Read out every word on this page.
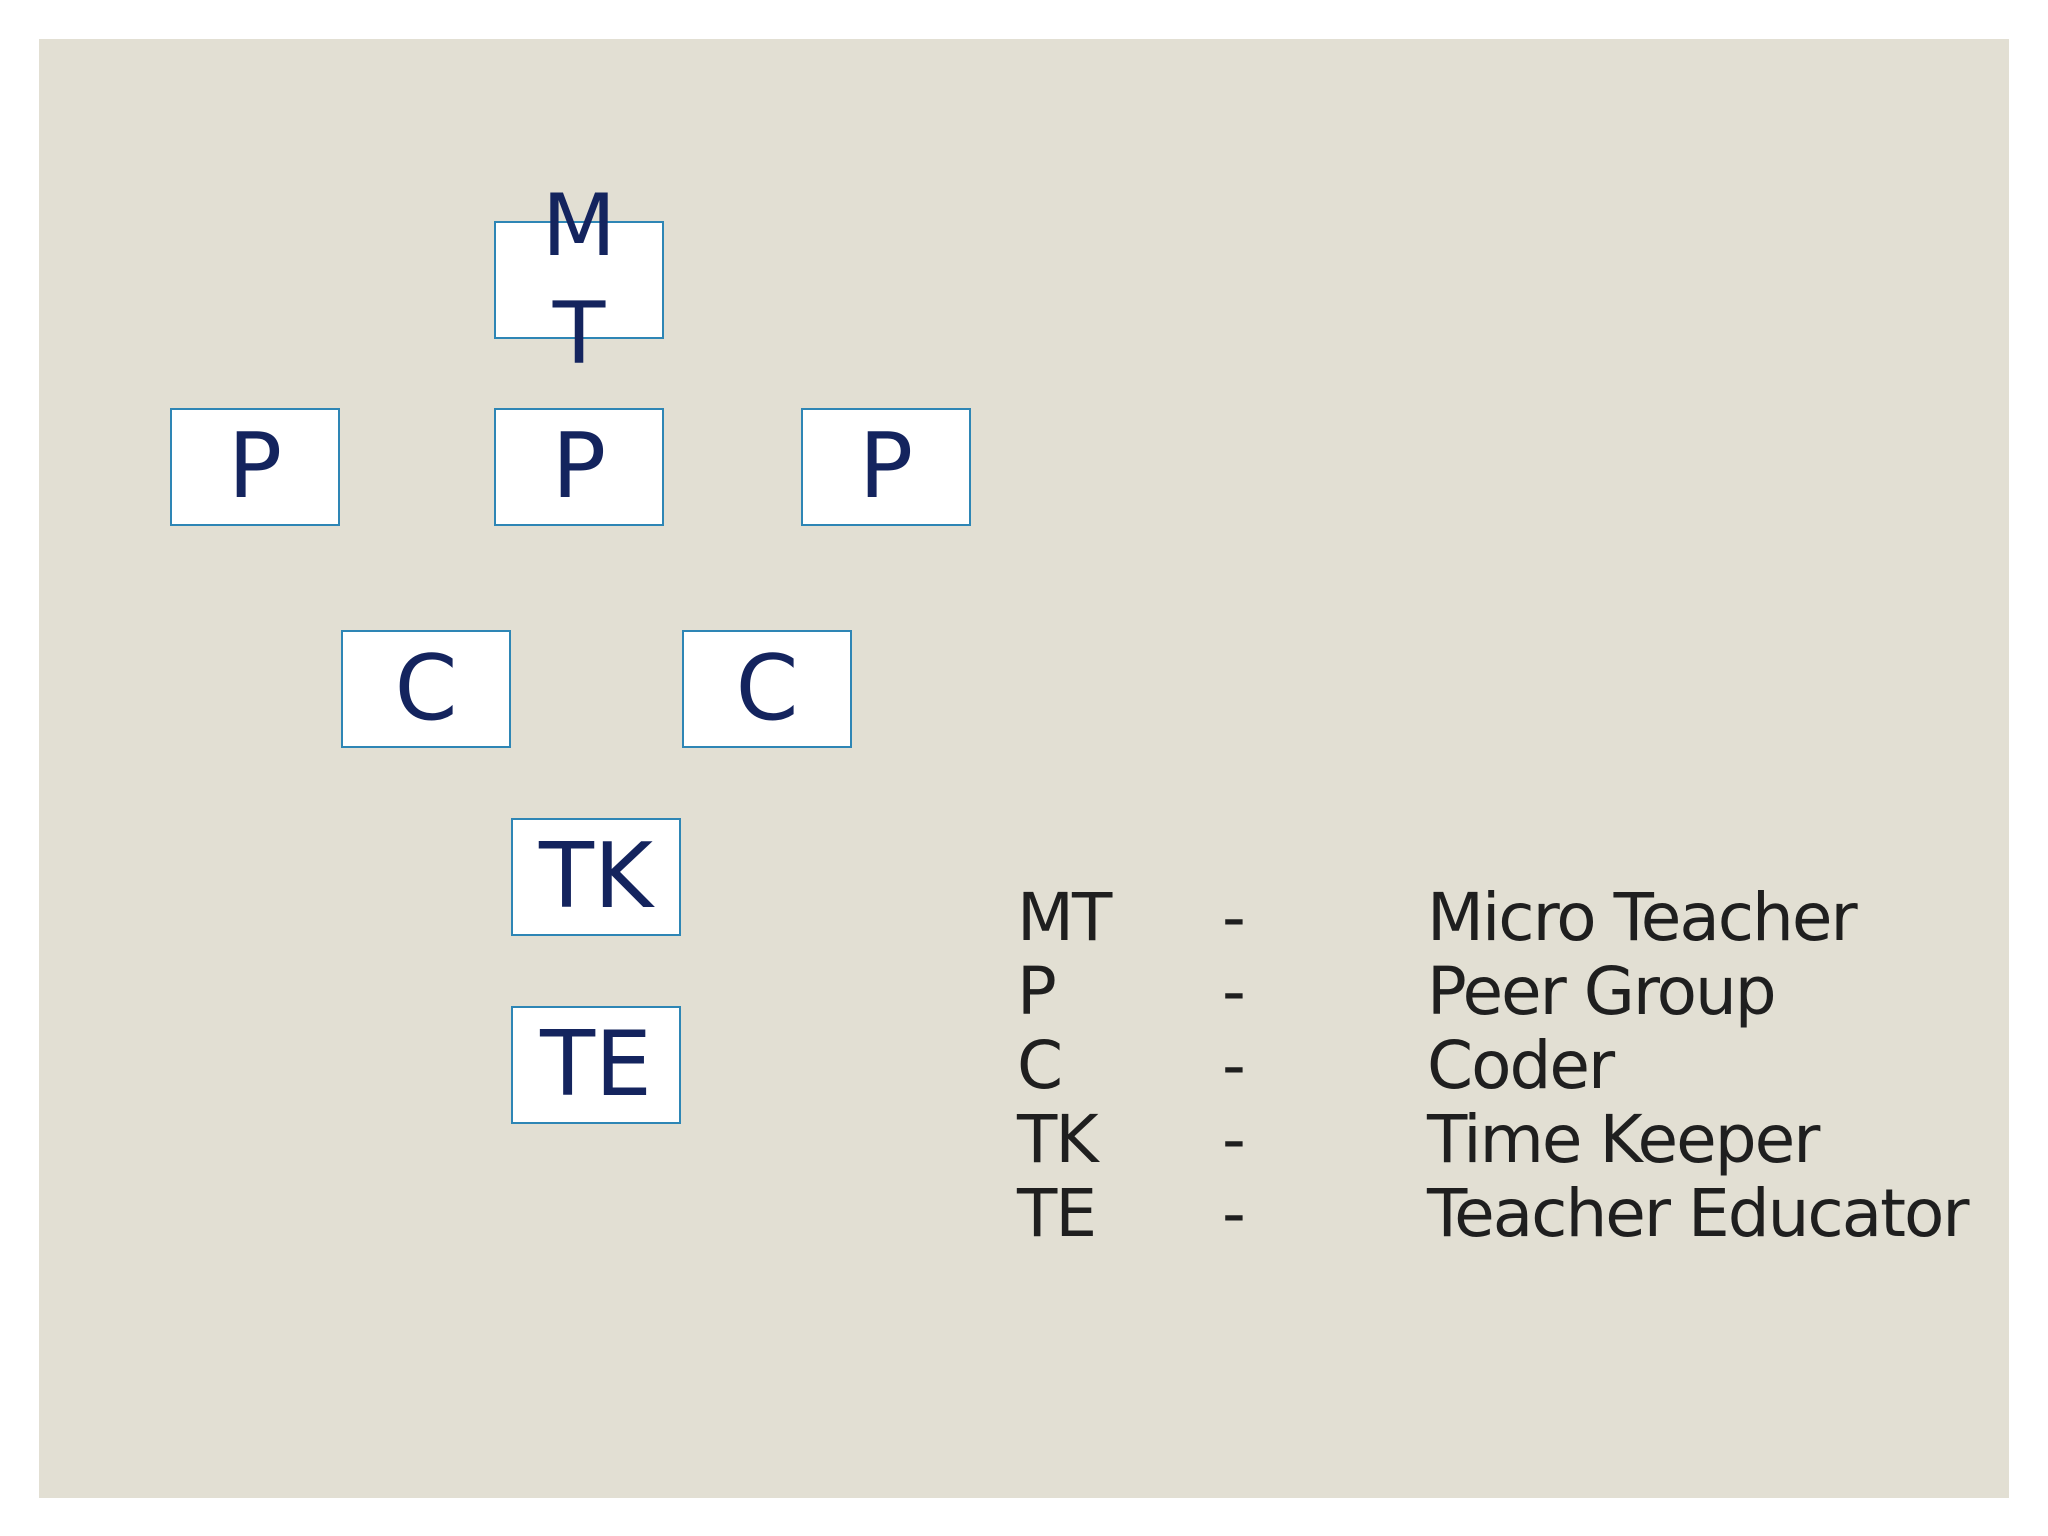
MT
P	P	P
C	C
TK
TE
MT -	Micro Teacher
P	-	Peer Group
C -	Coder
TK -	Time Keeper
TE -	Teacher Educator
